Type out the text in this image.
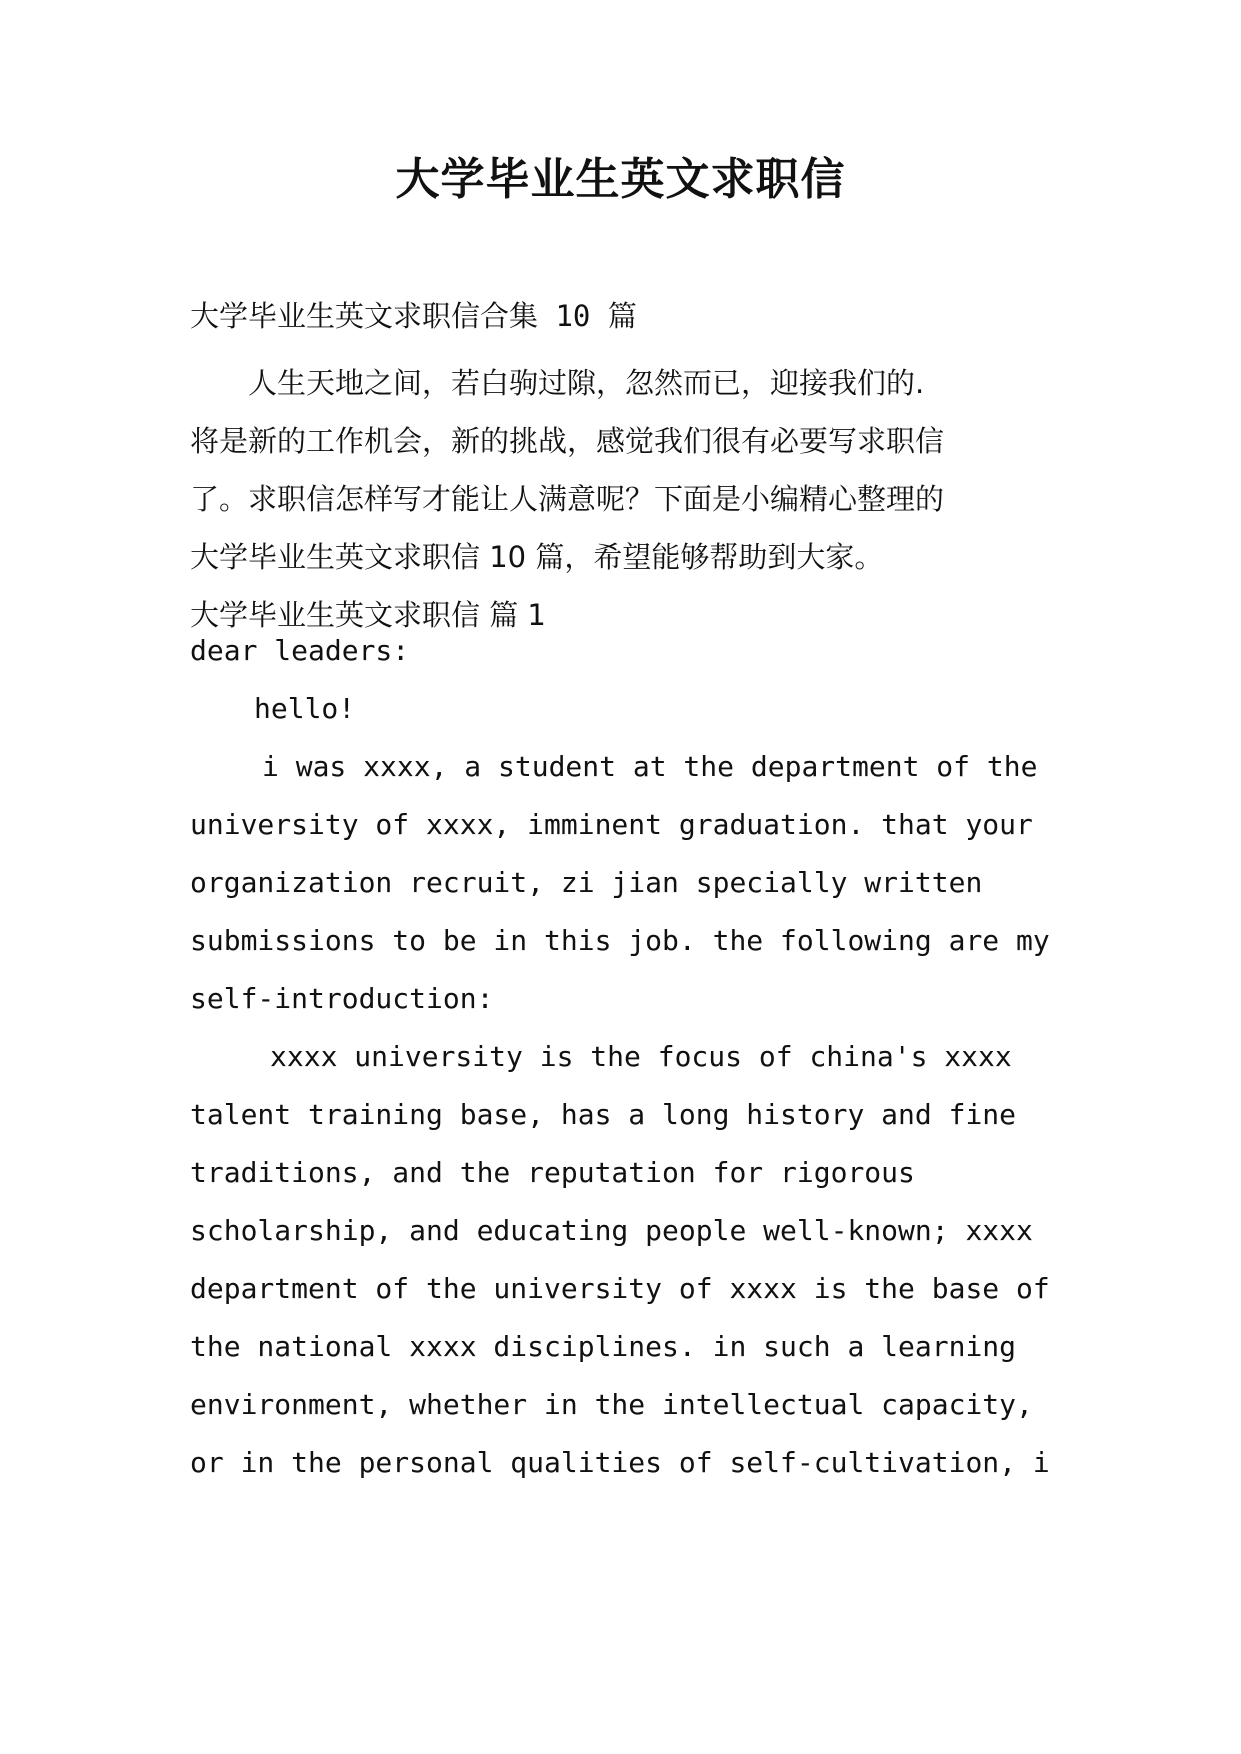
大学毕业生英文求职信
大学毕业生英文求职信合集 10 篇
人生天地之间，若白驹过隙，忽然而已，迎接我们的.
将是新的工作机会，新的挑战，感觉我们很有必要写求职信
了。求职信怎样写才能让人满意呢？下面是小编精心整理的
大学毕业生英文求职信 10 篇，希望能够帮助到大家。
大学毕业生英文求职信 篇 1
dear leaders:
hello!
i was xxxx, a student at the department of the
university of xxxx, imminent graduation. that your
organization recruit, zi jian specially written
submissions to be in this job. the following are my
self-introduction:
xxxx university is the focus of china's xxxx
talent training base, has a long history and fine
traditions, and the reputation for rigorous
scholarship, and educating people well-known; xxxx
department of the university of xxxx is the base of
the national xxxx disciplines. in such a learning
environment, whether in the intellectual capacity,
or in the personal qualities of self-cultivation, i
